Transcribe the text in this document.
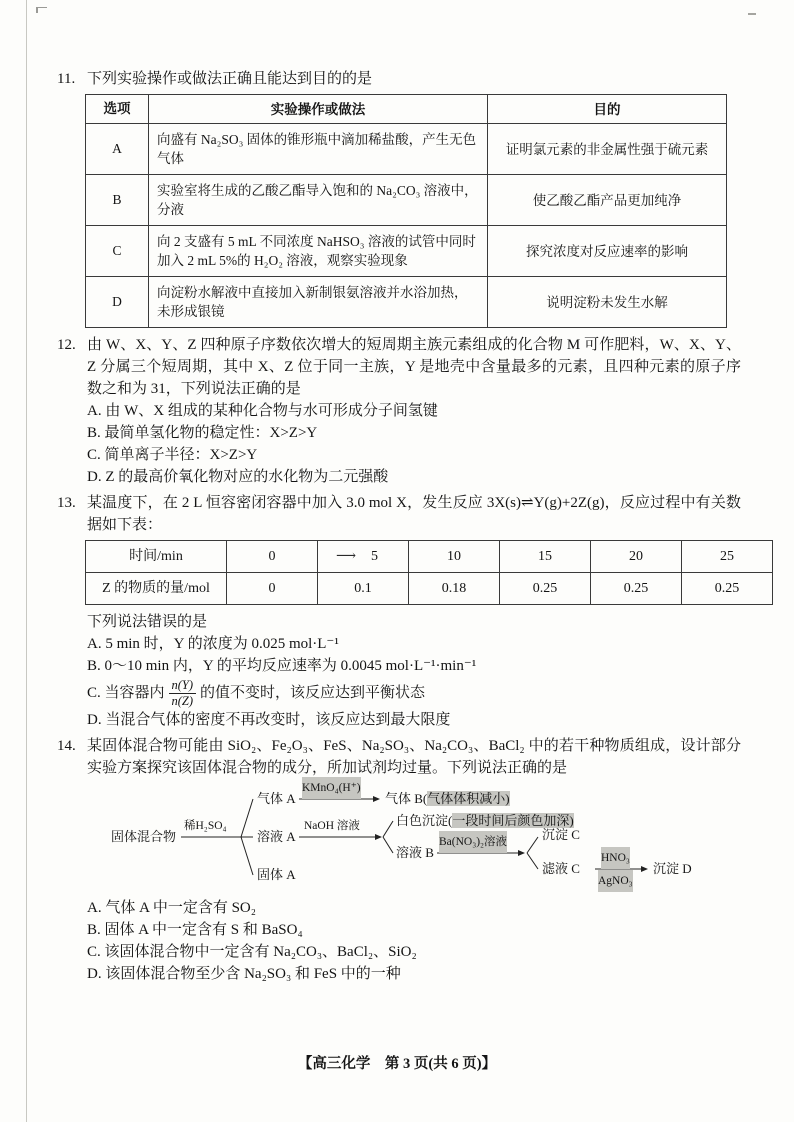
11. 下列实验操作或做法正确且能达到目的的是
选项	实验操作或做法	目的
A	向盛有 Na₂SO₃ 固体的锥形瓶中滴加稀盐酸，产生无色气体	证明氯元素的非金属性强于硫元素
B	实验室将生成的乙酸乙酯导入饱和的 Na₂CO₃ 溶液中，分液	使乙酸乙酯产品更加纯净
C	向 2 支盛有 5 mL 不同浓度 NaHSO₃ 溶液的试管中同时加入 2 mL 5%的 H₂O₂ 溶液，观察实验现象	探究浓度对反应速率的影响
D	向淀粉水解液中直接加入新制银氨溶液并水浴加热，未形成银镜	说明淀粉未发生水解
12. 由 W、X、Y、Z 四种原子序数依次增大的短周期主族元素组成的化合物 M 可作肥料，W、X、Y、Z 分属三个短周期，其中 X、Z 位于同一主族，Y 是地壳中含量最多的元素，且四种元素的原子序数之和为 31，下列说法正确的是
A. 由 W、X 组成的某种化合物与水可形成分子间氢键
B. 最简单氢化物的稳定性：X>Z>Y
C. 简单离子半径：X>Z>Y
D. Z 的最高价氧化物对应的水化物为二元强酸
13. 某温度下，在 2 L 恒容密闭容器中加入 3.0 mol X，发生反应 3X(s)⇌Y(g)+2Z(g)，反应过程中有关数据如下表：
时间/min	0	⟶ 5	10	15	20	25
Z 的物质的量/mol	0	0.1	0.18	0.25	0.25	0.25
下列说法错误的是
A. 5 min 时，Y 的浓度为 0.025 mol·L⁻¹
B. 0～10 min 内，Y 的平均反应速率为 0.0045 mol·L⁻¹·min⁻¹
C. 当容器内 $\frac{n(Y)}{n(Z)}$ 的值不变时，该反应达到平衡状态
D. 当混合气体的密度不再改变时，该反应达到最大限度
14. 某固体混合物可能由 SiO₂、Fe₂O₃、FeS、Na₂SO₃、Na₂CO₃、BaCl₂ 中的若干种物质组成，设计部分实验方案探究该固体混合物的成分，所加试剂均过量。下列说法正确的是
固体混合物
稀H₂SO₄
气体 A
KMnO₄(H⁺)
气体 B(气体体积减小)
溶液 A
NaOH 溶液	白色沉淀(一段时间后颜色加深)
溶液 B
Ba(NO₃)₂溶液	沉淀 C
滤液 C
HNO₃
AgNO₃
沉淀 D
固体 A
A. 气体 A 中一定含有 SO₂
B. 固体 A 中一定含有 S 和 BaSO₄
C. 该固体混合物中一定含有 Na₂CO₃、BaCl₂、SiO₂
D. 该固体混合物至少含 Na₂SO₃ 和 FeS 中的一种
【高三化学　第 3 页(共 6 页)】
